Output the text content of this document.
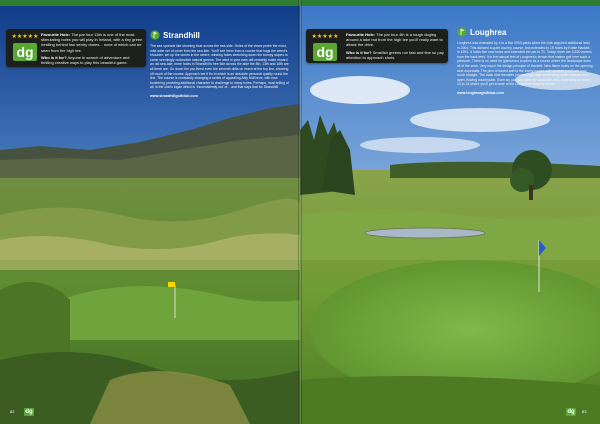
★★★★★
dg
Favourite Hole: The par four 13th is one of the most stimulating holes you will play in Ireland, with a tiny green nestling behind two sentry dunes... none of which can be seen from the high tee.
Who is it for? Anyone in search of adventure and thrilling creative ways to play this beautiful game.
Strandhill
The sea spreads like stunning blue across the sea-side. Holes of the views probe the most, mile-wide set of cover from the sea-tide. You'll see them from a course that hugs the weed's shoulder, set up the dunes in the centre, winding holes stretching down the bumpy slopes to some seemingly outlandish natural greens. The wind in your ears will certainly make reward an old sea-tale; more holes in Strandhill's free tide across the able the 8th, 13th and 16th are all there are. Go down the par-fivest even the seventh drills on reach at the top line, showing off much of the course. Approach tee it for in which is an absolute personal quality round the line. The course is constantly changing a series of appealing Ably McEnroe, with new bunkering providing additional character to challenge to many holes. Perhaps, most telling of all, is the club's logan which is 'Inconsistently out' of... and that says that for Strandhill.
www.strandhillgolfclub.com
82 dg
★★★★★
dg
Favourite Hole: The par four 4th is a tough dogleg around a lake but from the high tee you'll really want to attack the drive.
Who is it for? Smallish greens run fast and fine so pay attention to approach shots.
Loughrea
Loughrea was extended by 4 in a five 2003 yards when the club acquired additional land in 2004. This allowed a quiet country course, first extended to 18 holes by Eddie Hackett in 1991. It holds five new holes and extended the par to 71. Today, there are 5,820 metres from the back tees. It is the natural feel of Loughrea's terrain that makes golf here such a pleasure. There is no need for glamorous touches as a course where the landscape does all of the work. Very much the design principle of Hackett. New flame holes on the opening nine especially. The pins of tourist add to the lovely course with seventh you'll see how much straight. The back nine elevates proceedings, with some tricky water features and open, flowing countryside. Even so, you can open the ideal dev here, especially on holes 10 to 14 where you'll get a taste of the Loughrea's shapely terrain.
www.loughreagolfclub.com
dg	83
